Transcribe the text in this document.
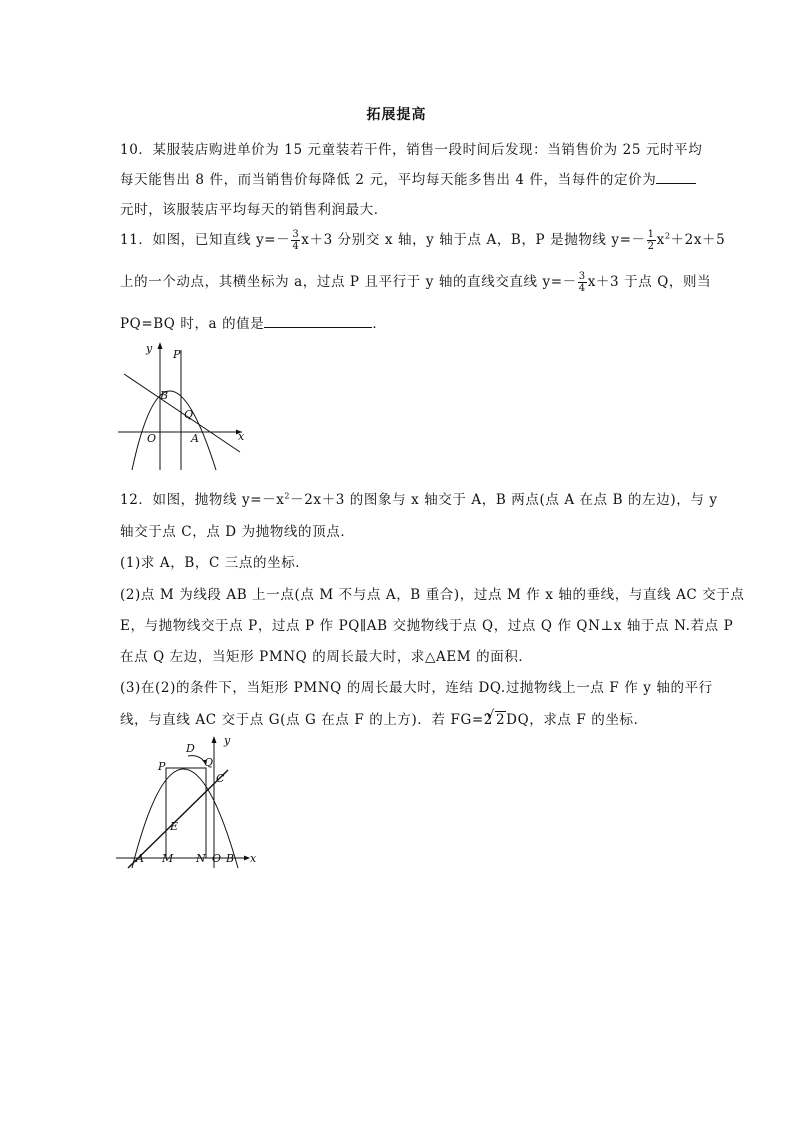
拓展提高
10．某服装店购进单价为 15 元童装若干件，销售一段时间后发现：当销售价为 25 元时平均
每天能售出 8 件，而当销售价每降低 2 元，平均每天能多售出 4 件，当每件的定价为
元时，该服装店平均每天的销售利润最大．
11．如图，已知直线 $y=- \frac{3}{4} x+3$ 分别交 x 轴，y 轴于点 A，B，P 是抛物线 $y=- \frac{1}{2} x^2+2x+5$
上的一个动点，其横坐标为 a，过点 P 且平行于 y 轴的直线交直线 $y=- \frac{3}{4} x+3$ 于点 Q，则当
PQ=BQ 时，a 的值是	．
y
x
P
B
Q
O	A
12．如图，抛物线 $y=-x^2-2x+3$ 的图象与 x 轴交于 A，B 两点(点 A 在点 B 的左边)，与 y
轴交于点 C，点 D 为抛物线的顶点．
(1)求 A，B，C 三点的坐标．
(2)点 M 为线段 AB 上一点(点 M 不与点 A，B 重合)，过点 M 作 x 轴的垂线，与直线 AC 交于点
E，与抛物线交于点 P，过点 P 作 PQ∥AB 交抛物线于点 Q，过点 Q 作 QN⊥x 轴于点 N.若点 P
在点 Q 左边，当矩形 PMNQ 的周长最大时，求△AEM 的面积．
(3)在(2)的条件下，当矩形 PMNQ 的周长最大时，连结 DQ.过抛物线上一点 F 作 y 轴的平行
线，与直线 AC 交于点 G(点 G 在点 F 的上方)．若 FG=2√ 2DQ，求点 F 的坐标．
y
x
D
P	Q
C
E
A M N O B
